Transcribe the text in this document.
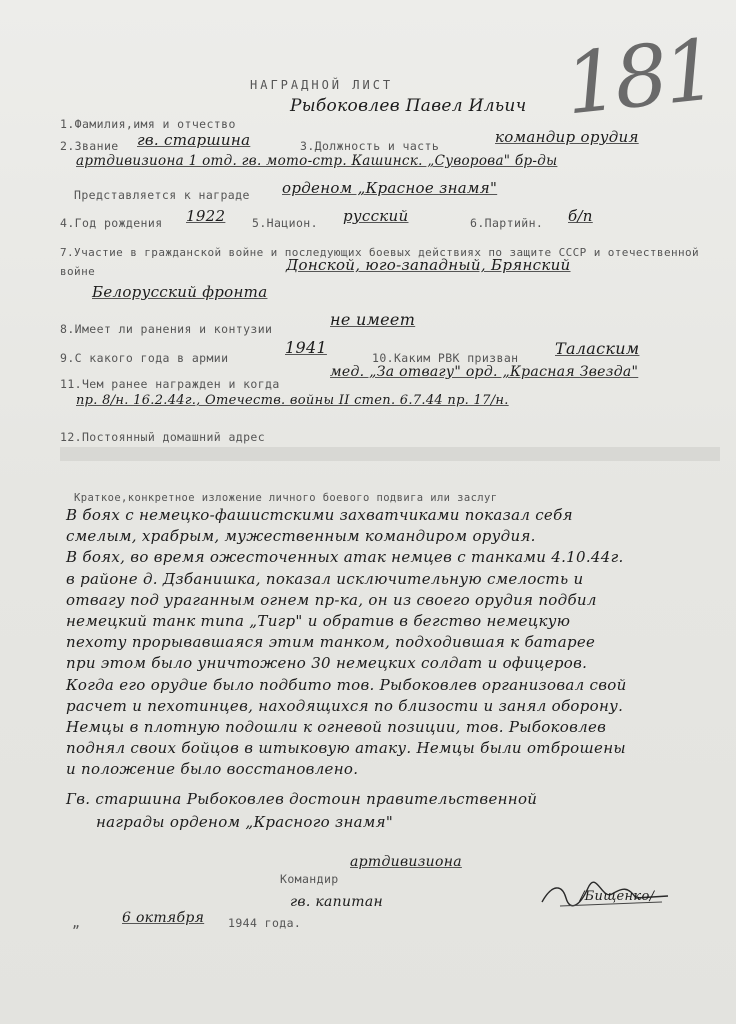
181
НАГРАДНОЙ ЛИСТ
1.Фамилия,имя и отчество
Рыбоковлев Павел Ильич
2.Звание гв. старшина	3.Должность и часть	командир орудия
артдивизиона 1 отд. гв. мото-стр. Кашинск. „Суворова" бр-ды
Представляется к награде орденом „Красное знамя"
4.Год рождения 1922 5.Национ. русский	6.Партийн. б/п
7.Участие в гражданской войне и последующих боевых действиях по защите СССР и отечественной войне	Донской, юго-западный, Брянский
Белорусский фронта
8.Имеет ли ранения и контузии	не имеет
9.С какого года в армии
1941
10.Каким РВК призван Таласким
11.Чем ранее награжден и когда
мед. „За отвагу" орд. „Красная Звезда"
пр. 8/н. 16.2.44г., Отечеств. войны II степ. 6.7.44 пр. 17/н.
12.Постоянный домашний адрес
Краткое,конкретное изложение личного боевого подвига или заслуг
В боях с немецко-фашистскими захватчиками показал себя
смелым, храбрым, мужественным командиром орудия.
В боях, во время ожесточенных атак немцев с танками 4.10.44г.
в районе д. Дзбанишка, показал исключительную смелость и
отвагу под ураганным огнем пр-ка, он из своего орудия подбил
немецкий танк типа „Тигр" и обратив в бегство немецкую
пехоту прорывавшаяся этим танком, подходившая к батарее
при этом было уничтожено 30 немецких солдат и офицеров.
Когда его орудие было подбито тов. Рыбоковлев организовал свой
расчет и пехотинцев, находящихся по близости и занял оборону.
Немцы в плотную подошли к огневой позиции, тов. Рыбоковлев
поднял своих бойцов в штыковую атаку. Немцы были отброшены
и положение было восстановлено.
Гв. старшина Рыбоковлев достоин правительственной
награды орденом „Красного знамя"
Командир
артдивизиона
гв. капитан	/Бищенко/
„	6 октября 1944 года.
